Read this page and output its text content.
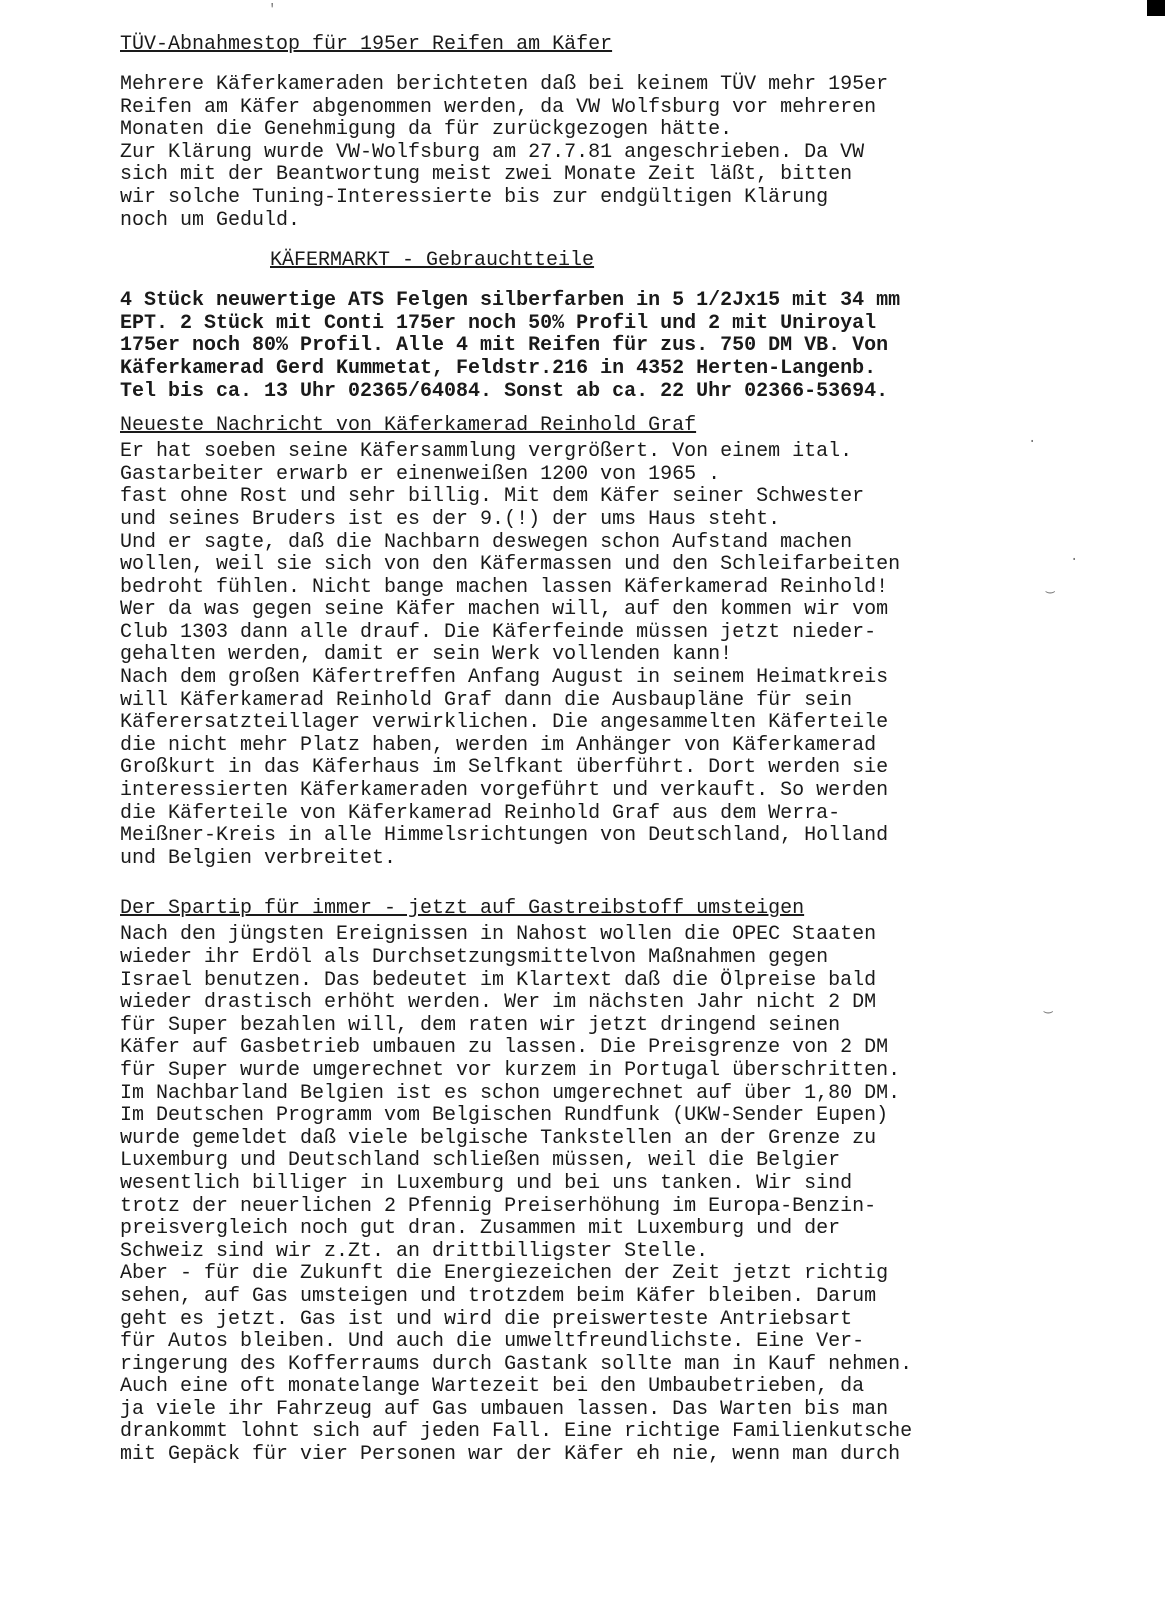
'
·
·
‿
‿
TÜV-Abnahmestop für 195er Reifen am Käfer
Mehrere Käferkameraden berichteten daß bei keinem TÜV mehr 195er
Reifen am Käfer abgenommen werden, da VW Wolfsburg vor mehreren
Monaten die Genehmigung da für zurückgezogen hätte.
Zur Klärung wurde VW-Wolfsburg am 27.7.81 angeschrieben. Da VW
sich mit der Beantwortung meist zwei Monate Zeit läßt, bitten
wir solche Tuning-Interessierte bis zur endgültigen Klärung
noch um Geduld.
KÄFERMARKT - Gebrauchtteile
4 Stück neuwertige ATS Felgen silberfarben in 5 1/2Jx15 mit 34 mm
EPT. 2 Stück mit Conti 175er noch 50% Profil und 2 mit Uniroyal
175er noch 80% Profil. Alle 4 mit Reifen für zus. 750 DM VB. Von
Käferkamerad Gerd Kummetat, Feldstr.216 in 4352 Herten-Langenb.
Tel bis ca. 13 Uhr 02365/64084. Sonst ab ca. 22 Uhr 02366-53694.
Neueste Nachricht von Käferkamerad Reinhold Graf
Er hat soeben seine Käfersammlung vergrößert. Von einem ital.
Gastarbeiter erwarb er einenweißen 1200 von 1965 .
fast ohne Rost und sehr billig. Mit dem Käfer seiner Schwester
und seines Bruders ist es der 9.(!) der ums Haus steht.
Und er sagte, daß die Nachbarn deswegen schon Aufstand machen
wollen, weil sie sich von den Käfermassen und den Schleifarbeiten
bedroht fühlen. Nicht bange machen lassen Käferkamerad Reinhold!
Wer da was gegen seine Käfer machen will, auf den kommen wir vom
Club 1303 dann alle drauf. Die Käferfeinde müssen jetzt nieder-
gehalten werden, damit er sein Werk vollenden kann!
Nach dem großen Käfertreffen Anfang August in seinem Heimatkreis
will Käferkamerad Reinhold Graf dann die Ausbaupläne für sein
Käferersatzteillager verwirklichen. Die angesammelten Käferteile
die nicht mehr Platz haben, werden im Anhänger von Käferkamerad
Großkurt in das Käferhaus im Selfkant überführt. Dort werden sie
interessierten Käferkameraden vorgeführt und verkauft. So werden
die Käferteile von Käferkamerad Reinhold Graf aus dem Werra-
Meißner-Kreis in alle Himmelsrichtungen von Deutschland, Holland
und Belgien verbreitet.
Der Spartip für immer - jetzt auf Gastreibstoff umsteigen
Nach den jüngsten Ereignissen in Nahost wollen die OPEC Staaten
wieder ihr Erdöl als Durchsetzungsmittelvon Maßnahmen gegen
Israel benutzen. Das bedeutet im Klartext daß die Ölpreise bald
wieder drastisch erhöht werden. Wer im nächsten Jahr nicht 2 DM
für Super bezahlen will, dem raten wir jetzt dringend seinen
Käfer auf Gasbetrieb umbauen zu lassen. Die Preisgrenze von 2 DM
für Super wurde umgerechnet vor kurzem in Portugal überschritten.
Im Nachbarland Belgien ist es schon umgerechnet auf über 1,80 DM.
Im Deutschen Programm vom Belgischen Rundfunk (UKW-Sender Eupen)
wurde gemeldet daß viele belgische Tankstellen an der Grenze zu
Luxemburg und Deutschland schließen müssen, weil die Belgier
wesentlich billiger in Luxemburg und bei uns tanken. Wir sind
trotz der neuerlichen 2 Pfennig Preiserhöhung im Europa-Benzin-
preisvergleich noch gut dran. Zusammen mit Luxemburg und der
Schweiz sind wir z.Zt. an drittbilligster Stelle.
Aber - für die Zukunft die Energiezeichen der Zeit jetzt richtig
sehen, auf Gas umsteigen und trotzdem beim Käfer bleiben. Darum
geht es jetzt. Gas ist und wird die preiswerteste Antriebsart
für Autos bleiben. Und auch die umweltfreundlichste. Eine Ver-
ringerung des Kofferraums durch Gastank sollte man in Kauf nehmen.
Auch eine oft monatelange Wartezeit bei den Umbaubetrieben, da
ja viele ihr Fahrzeug auf Gas umbauen lassen. Das Warten bis man
drankommt lohnt sich auf jeden Fall. Eine richtige Familienkutsche
mit Gepäck für vier Personen war der Käfer eh nie, wenn man durch
